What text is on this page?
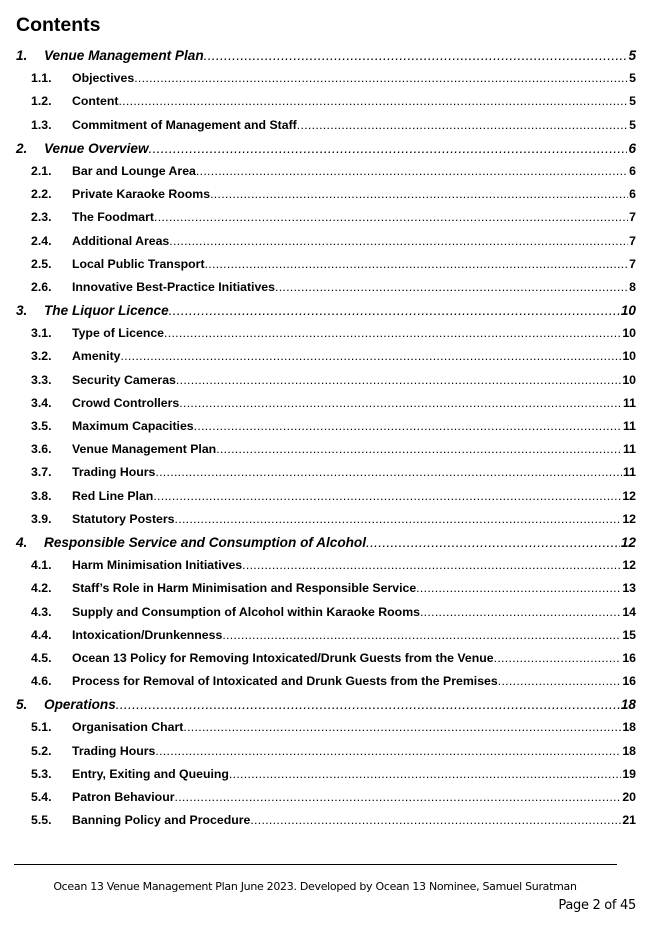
Contents
1.	Venue Management Plan .....	5
1.1.	Objectives .....	5
1.2.	Content .....	5
1.3.	Commitment of Management and Staff .....	5
2.	Venue Overview .....	6
2.1.	Bar and Lounge Area .....	6
2.2.	Private Karaoke Rooms .....	6
2.3.	The Foodmart .....	7
2.4.	Additional Areas .....	7
2.5.	Local Public Transport .....	7
2.6.	Innovative Best-Practice Initiatives .....	8
3.	The Liquor Licence .....	10
3.1.	Type of Licence .....	10
3.2.	Amenity .....	10
3.3.	Security Cameras .....	10
3.4.	Crowd Controllers .....	11
3.5.	Maximum Capacities .....	11
3.6.	Venue Management Plan .....	11
3.7.	Trading Hours .....	11
3.8.	Red Line Plan .....	12
3.9.	Statutory Posters .....	12
4.	Responsible Service and Consumption of Alcohol .....	12
4.1.	Harm Minimisation Initiatives .....	12
4.2.	Staff’s Role in Harm Minimisation and Responsible Service .....	13
4.3.	Supply and Consumption of Alcohol within Karaoke Rooms .....	14
4.4.	Intoxication/Drunkenness .....	15
4.5.	Ocean 13 Policy for Removing Intoxicated/Drunk Guests from the Venue .....	16
4.6.	Process for Removal of Intoxicated and Drunk Guests from the Premises .....	16
5.	Operations .....	18
5.1.	Organisation Chart .....	18
5.2.	Trading Hours .....	18
5.3.	Entry, Exiting and Queuing .....	19
5.4.	Patron Behaviour .....	20
5.5.	Banning Policy and Procedure .....	21
Ocean 13 Venue Management Plan June 2023. Developed by Ocean 13 Nominee, Samuel Suratman
Page 2 of 45
